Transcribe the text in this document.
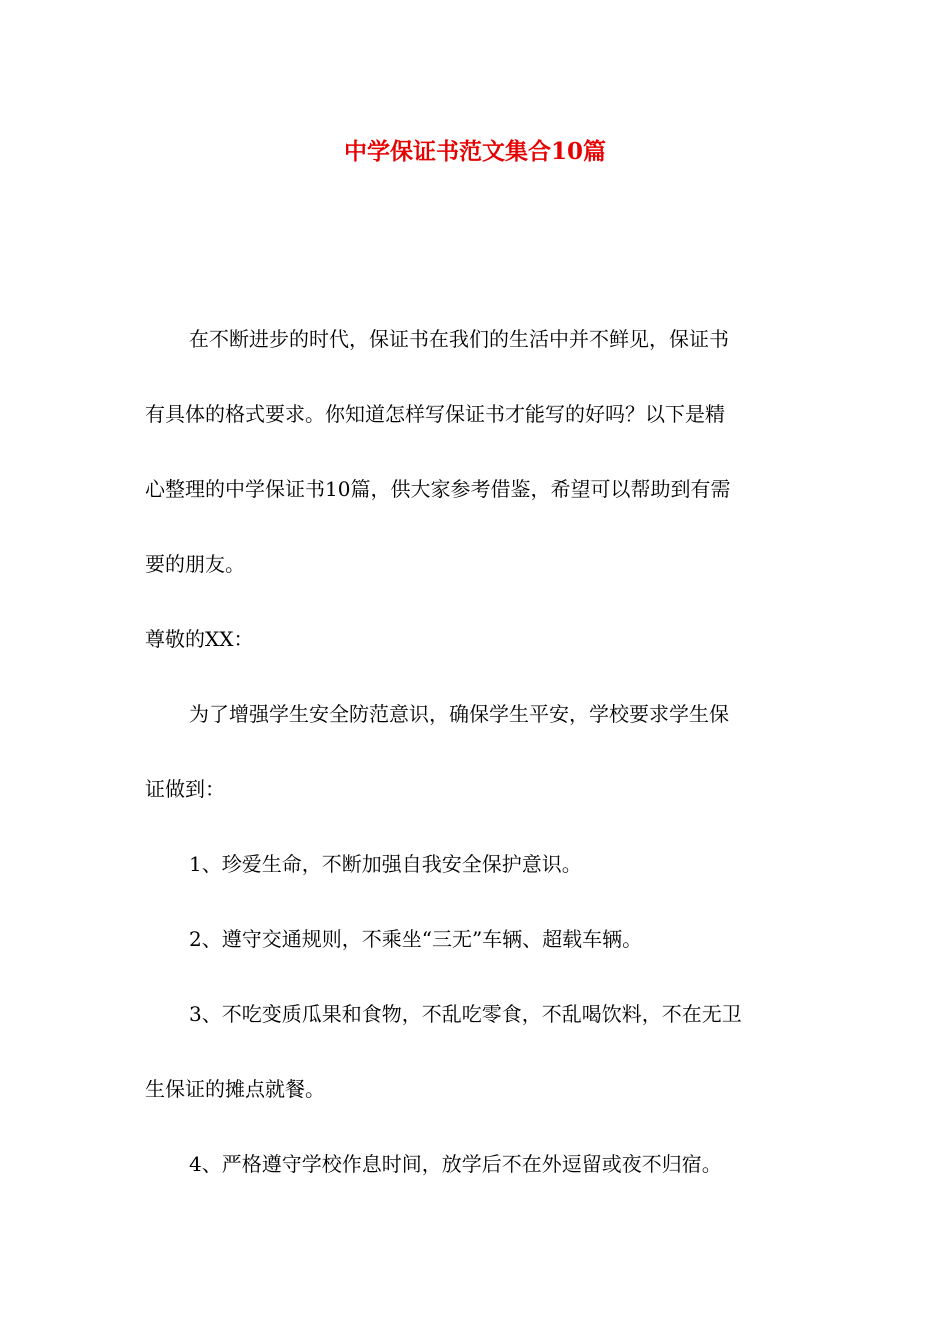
中学保证书范文集合10篇
在不断进步的时代，保证书在我们的生活中并不鲜见，保证书
有具体的格式要求。你知道怎样写保证书才能写的好吗？以下是精
心整理的中学保证书10篇，供大家参考借鉴，希望可以帮助到有需
要的朋友。
尊敬的XX：
为了增强学生安全防范意识，确保学生平安，学校要求学生保
证做到：
1、珍爱生命，不断加强自我安全保护意识。
2、遵守交通规则，不乘坐“三无”车辆、超载车辆。
3、不吃变质瓜果和食物，不乱吃零食，不乱喝饮料，不在无卫
生保证的摊点就餐。
4、严格遵守学校作息时间，放学后不在外逗留或夜不归宿。
